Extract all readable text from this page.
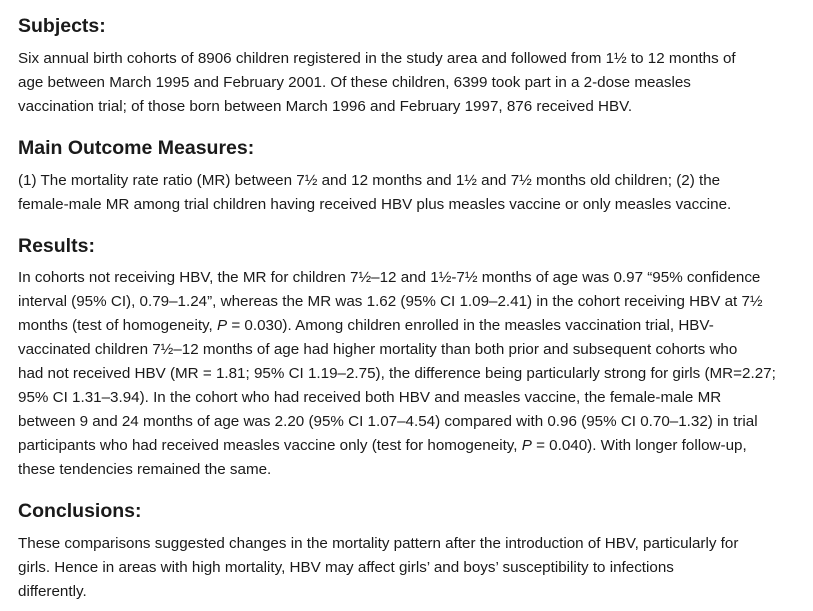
Subjects:

Six annual birth cohorts of 8906 children registered in the study area and followed from 1½ to 12 months of
age between March 1995 and February 2001. Of these children, 6399 took part in a 2-dose measles
vaccination trial; of those born between March 1996 and February 1997, 876 received HBV.

Main Outcome Measures:

(1) The mortality rate ratio (MR) between 7½ and 12 months and 1½ and 7½ months old children; (2) the
female-male MR among trial children having received HBV plus measles vaccine or only measles vaccine.

Results:

In cohorts not receiving HBV, the MR for children 7½–12 and 1½-7½ months of age was 0.97 “95% confidence
interval (95% CI), 0.79–1.24”, whereas the MR was 1.62 (95% CI 1.09–2.41) in the cohort receiving HBV at 7½
months (test of homogeneity, P = 0.030). Among children enrolled in the measles vaccination trial, HBV-
vaccinated children 7½–12 months of age had higher mortality than both prior and subsequent cohorts who
had not received HBV (MR = 1.81; 95% CI 1.19–2.75), the difference being particularly strong for girls (MR=2.27;
95% CI 1.31–3.94). In the cohort who had received both HBV and measles vaccine, the female-male MR
between 9 and 24 months of age was 2.20 (95% CI 1.07–4.54) compared with 0.96 (95% CI 0.70–1.32) in trial
participants who had received measles vaccine only (test for homogeneity, P = 0.040). With longer follow-up,
these tendencies remained the same.

Conclusions:

These comparisons suggested changes in the mortality pattern after the introduction of HBV, particularly for
girls. Hence in areas with high mortality, HBV may affect girls’ and boys’ susceptibility to infections
differently.
